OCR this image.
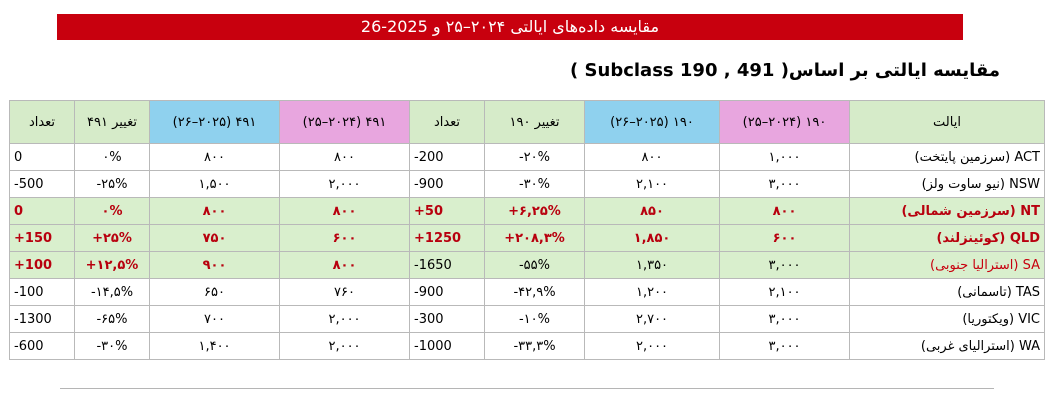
مقایسه داده‌های ایالتی ۲۰۲۴–۲۵ و 2025-26
مقایسه ایالتی بر اساس( Subclass 190 , 491 )
ایالت	۱۹۰ (۲۰۲۴–۲۵)	۱۹۰ (۲۰۲۵–۲۶)	تغییر ۱۹۰	تعداد	۴۹۱ (۲۰۲۴–۲۵)	۴۹۱ (۲۰۲۵–۲۶)	تغییر ۴۹۱	تعداد
ACT (سرزمین پایتخت)	۱,۰۰۰	۸۰۰	-۲۰%	-200	۸۰۰	۸۰۰	۰%	0
NSW (نیو ساوت ولز)	۳,۰۰۰	۲,۱۰۰	-۳۰%	-900	۲,۰۰۰	۱,۵۰۰	-۲۵%	-500
NT (سرزمین شمالی)	۸۰۰	۸۵۰	+۶,۲۵%	+50	۸۰۰	۸۰۰	۰%	0
QLD (کوئینزلند)	۶۰۰	۱,۸۵۰	+۲۰۸,۳%	+1250	۶۰۰	۷۵۰	+۲۵%	+150
SA (استرالیا جنوبی)	۳,۰۰۰	۱,۳۵۰	-۵۵%	-1650	۸۰۰	۹۰۰	+۱۲,۵%	+100
TAS (تاسمانی)	۲,۱۰۰	۱,۲۰۰	-۴۲,۹%	-900	۷۶۰	۶۵۰	-۱۴,۵%	-100
VIC (ویکتوریا)	۳,۰۰۰	۲,۷۰۰	-۱۰%	-300	۲,۰۰۰	۷۰۰	-۶۵%	-1300
WA (استرالیای غربی)	۳,۰۰۰	۲,۰۰۰	-۳۳,۳%	-1000	۲,۰۰۰	۱,۴۰۰	-۳۰%	-600
